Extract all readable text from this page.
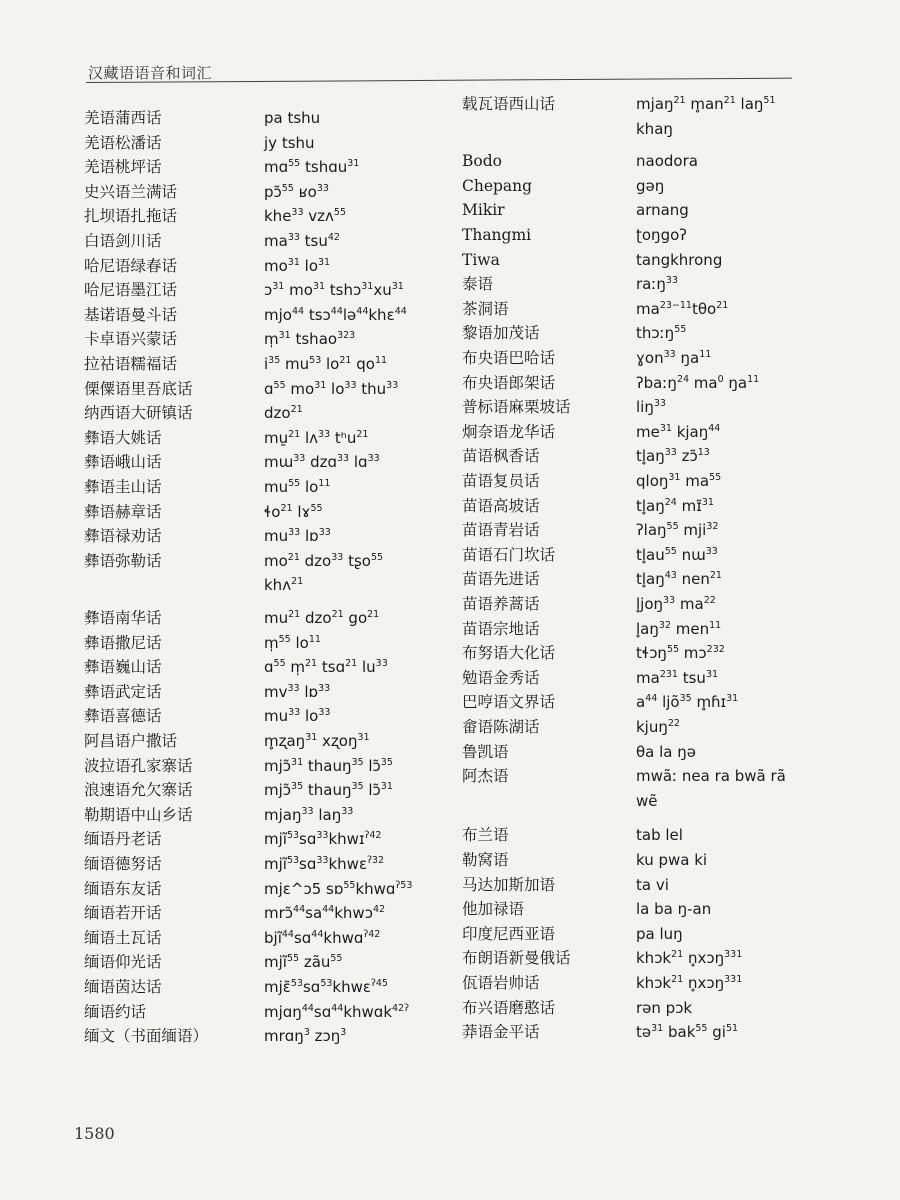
汉藏语语音和词汇
羌语蒲西话	pa tshu
羌语松潘话	jy tshu
羌语桃坪话	mɑ$^{55}$ tshɑu$^{31}$
史兴语兰满话	pɔ̃$^{55}$ ʁo$^{33}$
扎坝语扎拖话	khe$^{33}$ vzʌ$^{55}$
白语剑川话	$ma^{33}$ tsu$^{42}$
哈尼语绿春话	$mo^{31}$ $lo^{31}$
哈尼语墨江话	ɔ$^{31}$ $mo^{31}$ $tshɔ^{31}xu^{31}$
基诺语曼斗话	mjo$^{44}$ tsɔ$^{44}$lə$^{44}$khɛ$^{44}$
卡卓语兴蒙话	m̩$^{31}$ tshao$^{323}$
拉祜语糯福话	$i^{35}$ $mu^{53}$ $lo^{21}$ $qo^{11}$
傈僳语里吾底话	ɑ$^{55}$ $mo^{31}$ $lo^{33}$ thu$^{33}$
纳西语大研镇话	dzo$^{21}$
彝语大姚话	mu̱$^{21}$ lʌ$^{33}$ tʰu$^{21}$
彝语峨山话	mɯ$^{33}$ dzɑ$^{33}$ lɑ$^{33}$
彝语圭山话	$mu^{55}$ $lo^{11}$
彝语赫章话	ɬo$^{21}$ lɤ$^{55}$
彝语禄劝话	$mu^{33}$ lɒ$^{33}$
彝语弥勒话	$mo^{21}$ dzo$^{33}$ tʂo$^{55}$
khʌ$^{21}$
彝语南华话	$mu^{21}$ dzo$^{21}$ $go^{21}$
彝语撒尼话	m̩$^{55}$ $lo^{11}$
彝语巍山话	ɑ$^{55}$ m̩$^{21}$ tsɑ$^{21}$ $lu^{33}$
彝语武定话	$mv^{33}$ lɒ$^{33}$
彝语喜德话	$mu^{33}$ $lo^{33}$
阿昌语户撒话	m̥ʐaŋ$^{31}$ xʐoŋ$^{31}$
波拉语孔家寨话	mjɔ̃$^{31}$ thauŋ$^{35}$ lɔ̃$^{35}$
浪速语允欠寨话	mjɔ̃$^{35}$ thauŋ$^{35}$ lɔ̃$^{31}$
勒期语中山乡话	mjaŋ$^{33}$ laŋ$^{33}$
缅语丹老话	mjĩ$^{53}$sɑ$^{33}$khwɪ$^{ʔ42}$
缅语德努话	mjĩ$^{53}$sɑ$^{33}$khwɛ$^{ʔ32}$
缅语东友话	mjɛ^ɔ5 sɒ$^{55}$khwɑ$^{ʔ53}$
缅语若开话	$mrɔ̃^{44}sa^{44}khwɔ^{42}$
缅语土瓦话	bjĩ$^{44}$sɑ$^{44}$khwɑ$^{ʔ42}$
缅语仰光话	mjĩ$^{55}$ zãu$^{55}$
缅语茵达话	mjɛ̃$^{53}$sɑ$^{53}$khwɛ$^{ʔ45}$
缅语约话	mjɑŋ$^{44}$sɑ$^{44}$khwɑk$^{42ʔ}$
缅文（书面缅语）	mrɑŋ$^3$ zɔŋ$^3$
载瓦语西山话	mjaŋ$^{21}$ $m̥an^{21}$ laŋ$^{51}$
khaŋ
Bodo	naodora
Chepang	gəŋ
Mikir	arnang
Thangmi	ʈoŋgoʔ
Tiwa	tangkhrong
泰语	raːŋ$^{33}$
茶洞语	$ma^{23-11}t\theta o^{21}$
黎语加茂话	thɔːŋ$^{55}$
布央语巴哈话	ɣon$^{33}$ $ŋa^{11}$
布央语郎架话	ʔbaːŋ$^{24}$ $ma^0$ $ŋa^{11}$
普标语麻栗坡话	liŋ$^{33}$
炯奈语龙华话	$me^{31}$ kjaŋ$^{44}$
苗语枫香话	$tl̥aŋ^{33}$ zɔ̃$^{13}$
苗语复员话	qloŋ$^{31}$ $ma^{55}$
苗语高坡话	$tl̥aŋ^{24}$ mɪ̃$^{31}$
苗语青岩话	ʔlaŋ$^{55}$ mji$^{32}$
苗语石门坎话	$tl̥au^{55}$ nɯ$^{33}$
苗语先进话	$tl̥aŋ^{43}$ nen$^{21}$
苗语养蒿话	l̥joŋ$^{33}$ $ma^{22}$
苗语宗地话	$l̥aŋ^{32}$ men$^{11}$
布努语大化话	tɬɔŋ$^{55}$ mɔ$^{232}$
勉语金秀话	$ma^{231}$ tsu$^{31}$
巴哼语文界话	$a^{44}$ ljõ$^{35}$ m̥ɦɪ$^{31}$
畲语陈湖话	kjuŋ$^{22}$
鲁凯语	θa la ŋə
阿杰语	mwãː nea ra bwã rã
wẽ
布兰语	tab lel
勒窝语	ku pwa ki
马达加斯加语	ta vi
他加禄语	la ba ŋ-an
印度尼西亚语	pa luŋ
布朗语新曼俄话	khɔk$^{21}$ n̥xɔŋ$^{331}$
佤语岩帅话	khɔk$^{21}$ n̥xɔŋ$^{331}$
布兴语磨憨话	rən pɔk
莽语金平话	tə$^{31}$ bak$^{55}$ $gi^{51}$
1580
